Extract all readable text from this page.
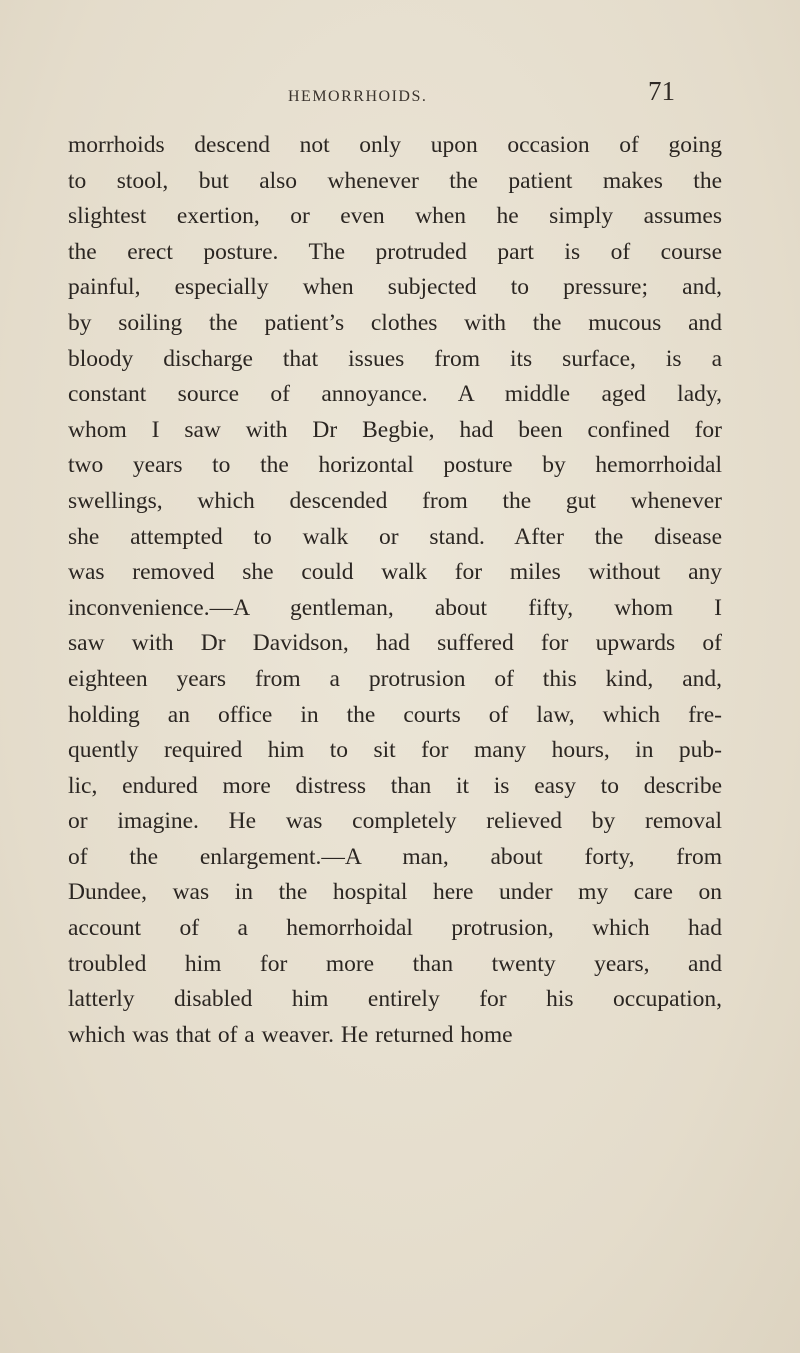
HEMORRHOIDS.	71
morrhoids descend not only upon occasion of going
to stool, but also whenever the patient makes the
slightest exertion, or even when he simply assumes
the erect posture. The protruded part is of course
painful, especially when subjected to pressure; and,
by soiling the patient’s clothes with the mucous and
bloody discharge that issues from its surface, is a
constant source of annoyance. A middle aged lady,
whom I saw with Dr Begbie, had been confined for
two years to the horizontal posture by hemorrhoidal
swellings, which descended from the gut whenever
she attempted to walk or stand. After the disease
was removed she could walk for miles without any
inconvenience.—A gentleman, about fifty, whom I
saw with Dr Davidson, had suffered for upwards of
eighteen years from a protrusion of this kind, and,
holding an office in the courts of law, which fre-
quently required him to sit for many hours, in pub-
lic, endured more distress than it is easy to describe
or imagine. He was completely relieved by removal
of the enlargement.—A man, about forty, from
Dundee, was in the hospital here under my care on
account of a hemorrhoidal protrusion, which had
troubled him for more than twenty years, and
latterly disabled him entirely for his occupation,
which was that of a weaver. He returned home
